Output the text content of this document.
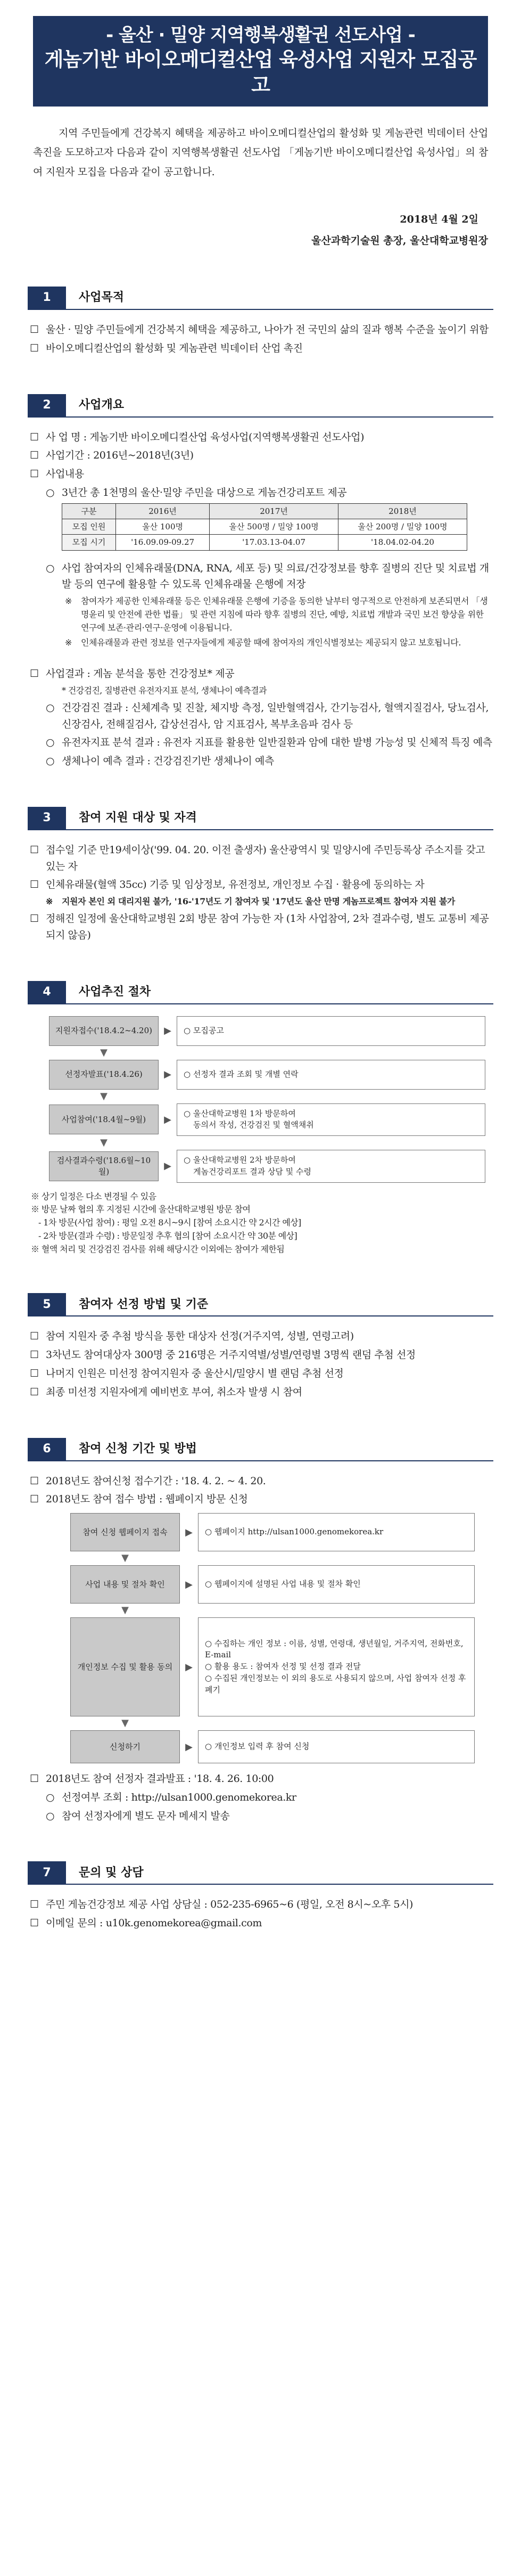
- 울산 · 밀양 지역행복생활권 선도사업 -
게놈기반 바이오메디컬산업 육성사업 지원자 모집공고

지역 주민들에게 건강복지 혜택을 제공하고 바이오메디컬산업의 활성화 및 게놈관련 빅데이터 산업 촉진을 도모하고자 다음과 같이 지역행복생활권 선도사업 「게놈기반 바이오메디컬산업 육성사업」의 참여 지원자 모집을 다음과 같이 공고합니다.

2018년 4월 2일
울산과학기술원 총장, 울산대학교병원장
1	사업목적
☐ 울산 · 밀양 주민들에게 건강복지 혜택을 제공하고, 나아가 전 국민의 삶의 질과 행복 수준을 높이기 위함
☐ 바이오메디컬산업의 활성화 및 게놈관련 빅데이터 산업 촉진
2	사업개요
☐ 사 업 명 : 게놈기반 바이오메디컬산업 육성사업(지역행복생활권 선도사업)
☐ 사업기간 : 2016년~2018년(3년)
☐ 사업내용
○ 3년간 총 1천명의 울산·밀양 주민을 대상으로 게놈건강리포트 제공
구분	2016년	2017년	2018년
모집 인원	울산 100명	울산 500명 / 밀양 100명	울산 200명 / 밀양 100명
모집 시기	'16.09.09-09.27	'17.03.13-04.07	'18.04.02-04.20
○ 사업 참여자의 인체유래물(DNA, RNA, 세포 등) 및 의료/건강정보를 향후 질병의 진단 및 치료법 개발 등의 연구에 활용할 수 있도록 인체유래물 은행에 저장
※	참여자가 제공한 인체유래물 등은 인체유래물 은행에 기증을 동의한 날부터 영구적으로 안전하게 보존되면서 「생명윤리 및 안전에 관한 법률」 및 관련 지침에 따라 향후 질병의 진단, 예방, 치료법 개발과 국민 보건 향상을 위한 연구에 보존·관리·연구·운영에 이용됩니다.
※	인체유래물과 관련 정보를 연구자들에게 제공할 때에 참여자의 개인식별정보는 제공되지 않고 보호됩니다.
☐ 사업결과 : 게놈 분석을 통한 건강정보* 제공
* 건강검진, 질병관련 유전자지표 분석, 생체나이 예측결과
○ 건강검진 결과 : 신체계측 및 진찰, 체지방 측정, 일반혈액검사, 간기능검사, 혈액지질검사, 당뇨검사, 신장검사, 전해질검사, 갑상선검사, 암 지표검사, 복부초음파 검사 등
○ 유전자지표 분석 결과 : 유전자 지표를 활용한 일반질환과 암에 대한 발병 가능성 및 신체적 특징 예측
○ 생체나이 예측 결과 : 건강검진기반 생체나이 예측
3	참여 지원 대상 및 자격
☐ 접수일 기준 만19세이상('99. 04. 20. 이전 출생자) 울산광역시 및 밀양시에 주민등록상 주소지를 갖고 있는 자
☐ 인체유래물(혈액 35cc) 기증 및 임상정보, 유전정보, 개인정보 수집 · 활용에 동의하는 자
※	지원자 본인 외 대리지원 불가, '16-'17년도 기 참여자 및 '17년도 울산 만명 게놈프로젝트 참여자 지원 불가
☐ 정해진 일정에 울산대학교병원 2회 방문 참여 가능한 자 (1차 사업참여, 2차 결과수령, 별도 교통비 제공되지 않음)
4	사업추진 절차
지원자접수('18.4.2~4.20)	▶	○ 모집공고
▼
선정자발표('18.4.26)	▶	○ 선정자 결과 조회 및 개별 연락
▼
사업참여('18.4월~9월)	▶
○ 울산대학교병원 1차 방문하여
동의서 작성, 건강검진 및 혈액채취
▼
검사결과수령('18.6월~10월)	▶
○ 울산대학교병원 2차 방문하여
게놈건강리포트 결과 상담 및 수령
※ 상기 일정은 다소 변경될 수 있음
※ 방문 날짜 협의 후 지정된 시간에 울산대학교병원 방문 참여
- 1차 방문(사업 참여) : 평일 오전 8시~9시 [참여 소요시간 약 2시간 예상]
- 2차 방문(결과 수령) : 방문일정 추후 협의 [참여 소요시간 약 30분 예상]
※ 혈액 처리 및 건강검진 검사를 위해 해당시간 이외에는 참여가 제한됨
5	참여자 선정 방법 및 기준
☐ 참여 지원자 중 추첨 방식을 통한 대상자 선정(거주지역, 성별, 연령고려)
☐ 3차년도 참여대상자 300명 중 216명은 거주지역별/성별/연령별 3명씩 랜덤 추첨 선정
☐ 나머지 인원은 미선정 참여지원자 중 울산시/밀양시 별 랜덤 추첨 선정
☐ 최종 미선정 지원자에게 예비번호 부여, 취소자 발생 시 참여
6	참여 신청 기간 및 방법
☐ 2018년도 참여신청 접수기간 : '18. 4. 2. ~ 4. 20.
☐ 2018년도 참여 접수 방법 : 웹페이지 방문 신청
참여 신청 웹페이지 접속	▶	○ 웹페이지 http://ulsan1000.genomekorea.kr
▼
사업 내용 및 절차 확인	▶	○ 웹페이지에 설명된 사업 내용 및 절차 확인
▼
개인정보 수집 및 활용 동의	▶
○ 수집하는 개인 정보 : 이름, 성별, 연령대, 생년월일, 거주지역, 전화번호, E-mail
○ 활용 용도 : 참여자 선정 및 선정 결과 전달
○ 수집된 개인정보는 이 외의 용도로 사용되지 않으며, 사업 참여자 선정 후 폐기
▼
신청하기	▶	○ 개인정보 입력 후 참여 신청
☐ 2018년도 참여 선정자 결과발표 : '18. 4. 26. 10:00
○ 선정여부 조회 : http://ulsan1000.genomekorea.kr
○ 참여 선정자에게 별도 문자 메세지 발송
7	문의 및 상담
☐ 주민 게놈건강정보 제공 사업 상담실 : 052-235-6965~6 (평일, 오전 8시~오후 5시)
☐ 이메일 문의 : u10k.genomekorea@gmail.com
